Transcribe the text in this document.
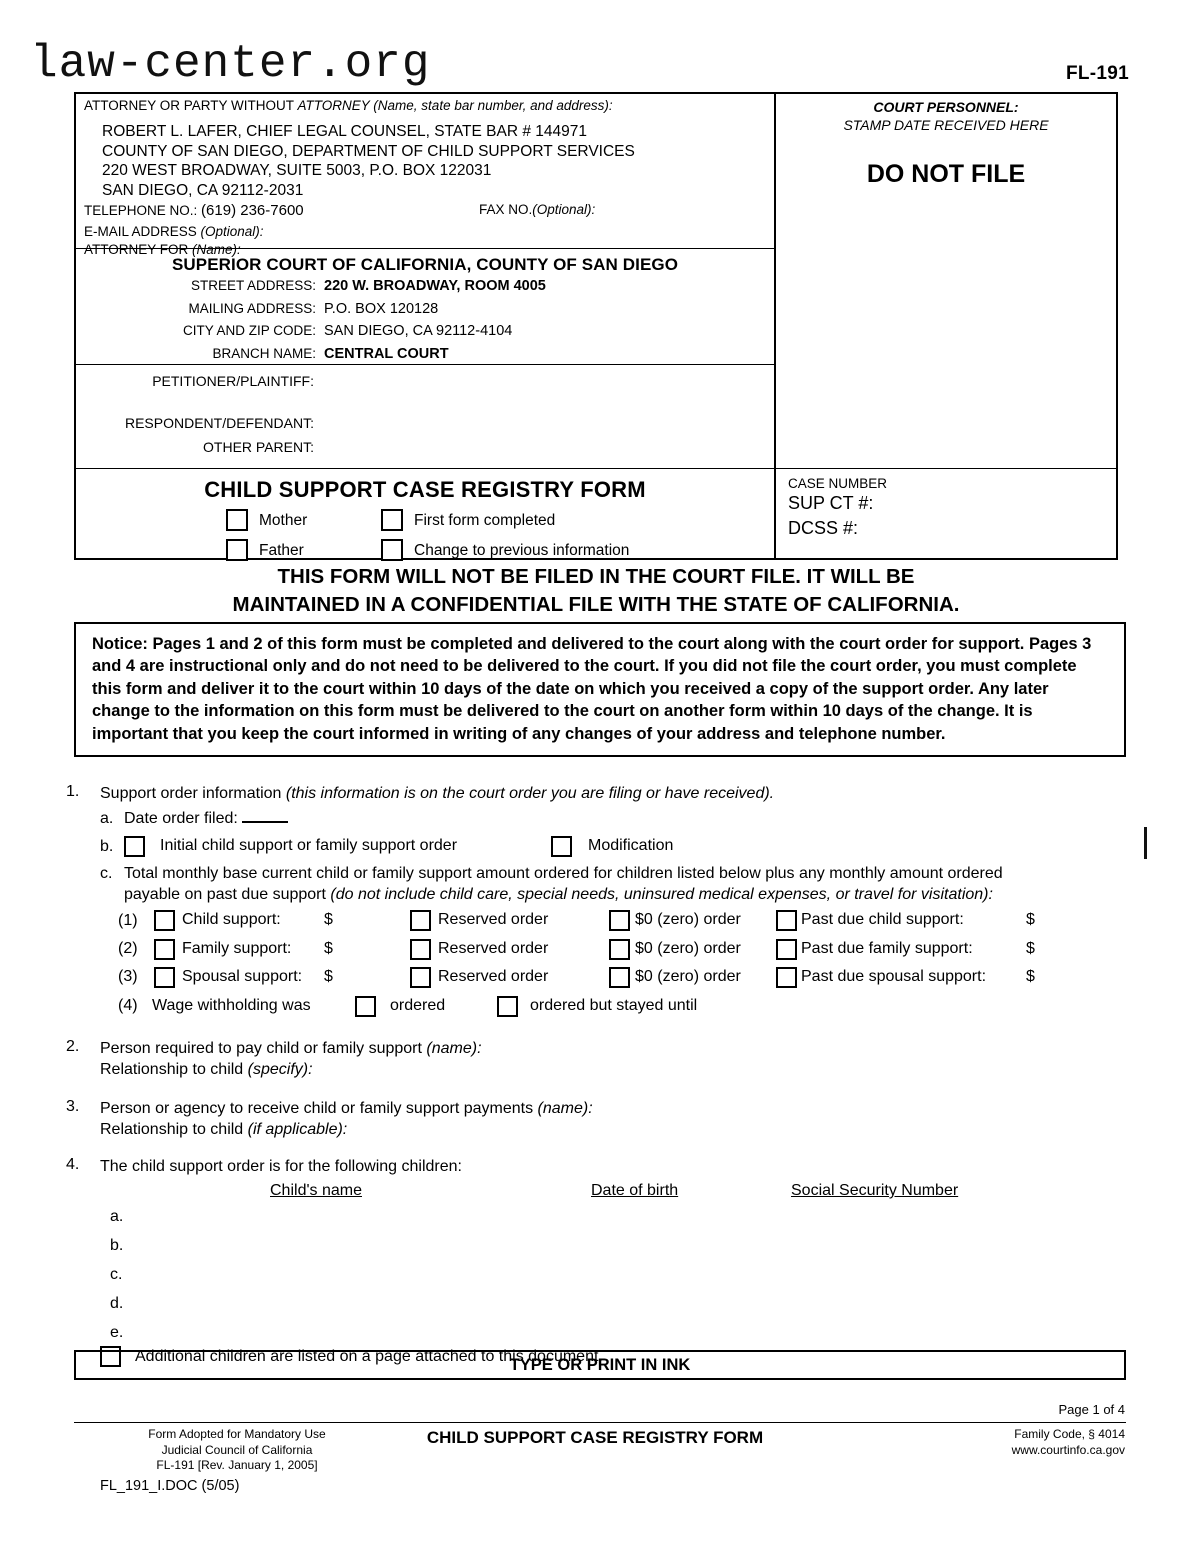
law-center.org	FL-191
ATTORNEY OR PARTY WITHOUT ATTORNEY (Name, state bar number, and address):
ROBERT L. LAFER, CHIEF LEGAL COUNSEL, STATE BAR # 144971
COUNTY OF SAN DIEGO, DEPARTMENT OF CHILD SUPPORT SERVICES
220 WEST BROADWAY, SUITE 5003, P.O. BOX 122031
SAN DIEGO, CA 92112-2031
TELEPHONE NO.: (619) 236-7600	FAX NO.(Optional):
E-MAIL ADDRESS (Optional):
ATTORNEY FOR (Name):
SUPERIOR COURT OF CALIFORNIA, COUNTY OF SAN DIEGO
STREET ADDRESS: 220 W. BROADWAY, ROOM 4005
MAILING ADDRESS: P.O. BOX 120128
CITY AND ZIP CODE: SAN DIEGO, CA 92112-4104
BRANCH NAME: CENTRAL COURT
PETITIONER/PLAINTIFF:
RESPONDENT/DEFENDANT:
OTHER PARENT:
CHILD SUPPORT CASE REGISTRY FORM
Mother	First form completed
Father	Change to previous information
COURT PERSONNEL:
STAMP DATE RECEIVED HERE
DO NOT FILE
CASE NUMBER
SUP CT #:
DCSS #:
THIS FORM WILL NOT BE FILED IN THE COURT FILE. IT WILL BE
MAINTAINED IN A CONFIDENTIAL FILE WITH THE STATE OF CALIFORNIA.
Notice: Pages 1 and 2 of this form must be completed and delivered to the court along with the court order for support. Pages 3 and 4 are instructional only and do not need to be delivered to the court. If you did not file the court order, you must complete this form and deliver it to the court within 10 days of the date on which you received a copy of the support order. Any later change to the information on this form must be delivered to the court on another form within 10 days of the change. It is important that you keep the court informed in writing of any changes of your address and telephone number.
1. Support order information (this information is on the court order you are filing or have received).
a. Date order filed:
b.	Initial child support or family support order	Modification
c. Total monthly base current child or family support amount ordered for children listed below plus any monthly amount ordered
payable on past due support (do not include child care, special needs, uninsured medical expenses, or travel for visitation):
(1)	Child support:	$	Reserved order	$0 (zero) order	Past due child support:	$
(2)	Family support: $	Reserved order	$0 (zero) order	Past due family support:	$
(3)	Spousal support: $	Reserved order	$0 (zero) order	Past due spousal support: $
(4) Wage withholding was	ordered	ordered but stayed until
2. Person required to pay child or family support (name):
Relationship to child (specify):
3. Person or agency to receive child or family support payments (name):
Relationship to child (if applicable):
4. The child support order is for the following children:
Child's name	Date of birth	Social Security Number
a.
b.
c.
d.
e.
Additional children are listed on a page attached to this document.
TYPE OR PRINT IN INK
Page 1 of 4
Form Adopted for Mandatory Use
Judicial Council of California
FL-191 [Rev. January 1, 2005]
CHILD SUPPORT CASE REGISTRY FORM	Family Code, § 4014
www.courtinfo.ca.gov
FL_191_I.DOC (5/05)
